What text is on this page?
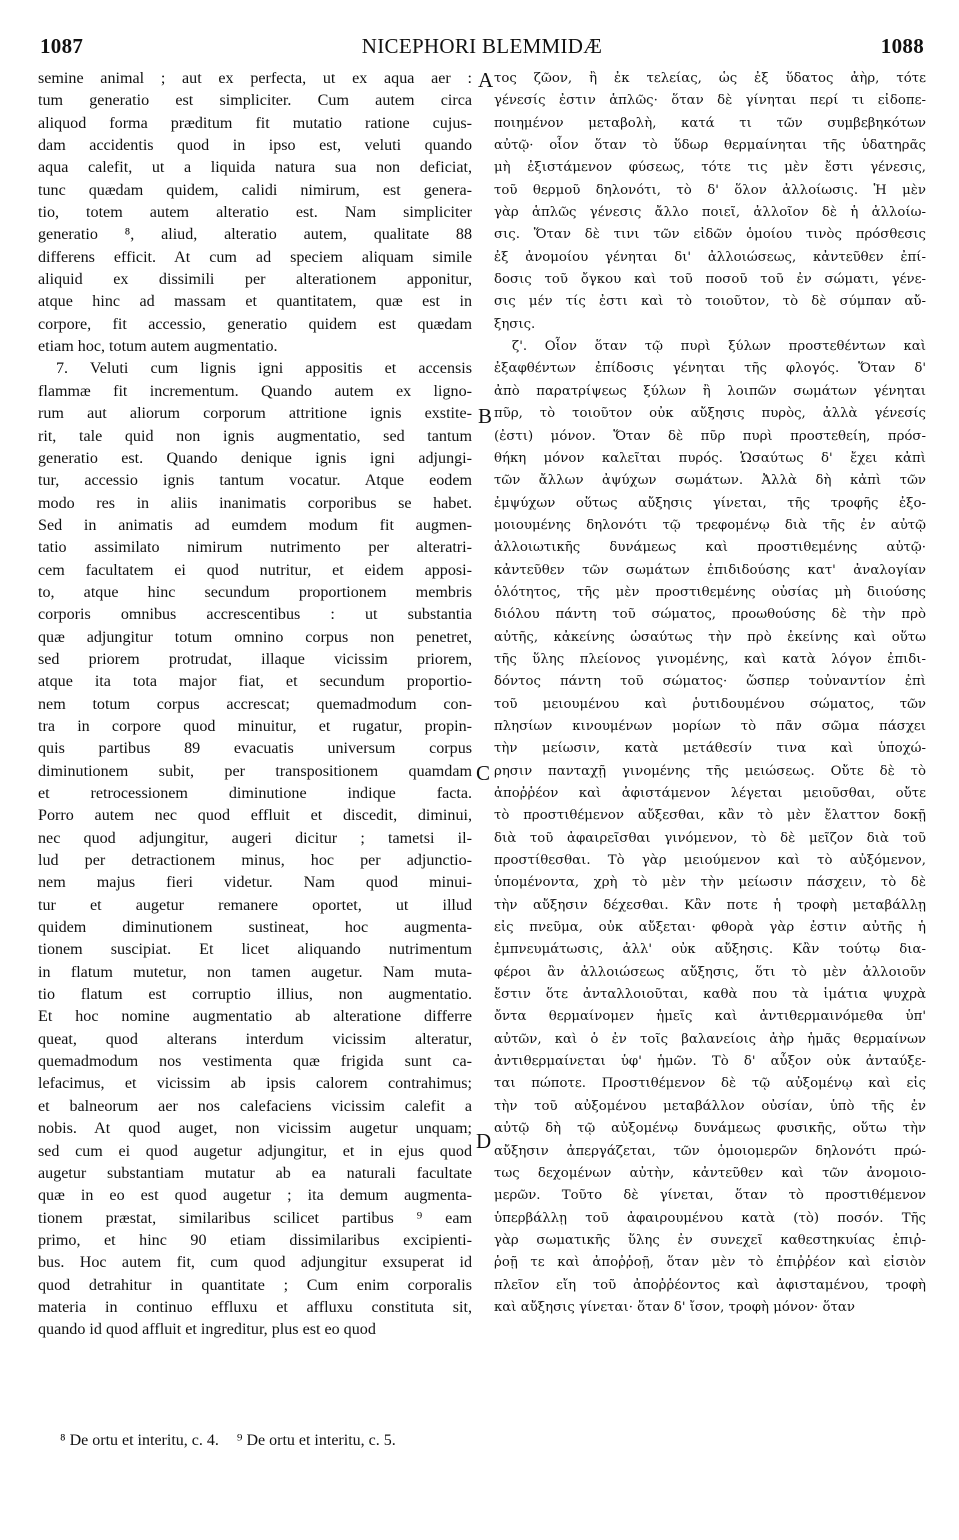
1087	NICEPHORI BLEMMIDÆ	1088

semine animal ; aut ex perfecta, ut ex aqua aer :
tum generatio est simpliciter. Cum autem circa
aliquod forma præditum fit mutatio ratione cujus-
dam accidentis quod in ipso est, veluti quando
aqua calefit, ut a liquida natura sua non deficiat,
tunc quædam quidem, calidi nimirum, est genera-
tio, totem autem alteratio est. Nam simpliciter
generatio ⁸, aliud, alteratio autem, qualitate 88
differens efficit. At cum ad speciem aliquam simile
aliquid ex dissimili per alterationem apponitur,
atque hinc ad massam et quantitatem, quæ est in
corpore, fit accessio, generatio quidem est quædam
etiam hoc, totum autem augmentatio.

7. Veluti cum lignis igni appositis et accensis
flammæ fit incrementum. Quando autem ex ligno-
rum aut aliorum corporum attritione ignis exstite-
rit, tale quid non ignis augmentatio, sed tantum
generatio est. Quando denique ignis igni adjungi-
tur, accessio ignis tantum vocatur. Atque eodem
modo res in aliis inanimatis corporibus se habet.
Sed in animatis ad eumdem modum fit augmen-
tatio assimilato nimirum nutrimento per alteratri-
cem facultatem ei quod nutritur, et eidem apposi-
to, atque hinc secundum proportionem membris
corporis omnibus accrescentibus : ut substantia
quæ adjungitur totum omnino corpus non penetret,
sed priorem protrudat, illaque vicissim priorem,
atque ita tota major fiat, et secundum proportio-
nem totum corpus accrescat; quemadmodum con-
tra in corpore quod minuitur, et rugatur, propin-
quis partibus 89 evacuatis universum corpus
diminutionem subit, per transpositionem quamdam
et retrocessionem diminutione indique facta.
Porro autem nec quod effluit et discedit, diminui,
nec quod adjungitur, augeri dicitur ; tametsi il-
lud per detractionem minus, hoc per adjunctio-
nem majus fieri videtur. Nam quod minui-
tur et augetur remanere oportet, ut illud
quidem diminutionem sustineat, hoc augmenta-
tionem suscipiat. Et licet aliquando nutrimentum
in flatum mutetur, non tamen augetur. Nam muta-
tio flatum est corruptio illius, non augmentatio.
Et hoc nomine augmentatio ab alteratione differre
queat, quod alterans interdum vicissim alteratur,
quemadmodum nos vestimenta quæ frigida sunt ca-
lefacimus, et vicissim ab ipsis calorem contrahimus;
et balneorum aer nos calefaciens vicissim calefit a
nobis. At quod auget, non vicissim augetur unquam;
sed cum ei quod augetur adjungitur, et in ejus quod
augetur substantiam mutatur ab ea naturali facultate
quæ in eo est quod augetur ; ita demum augmenta-
tionem præstat, similaribus scilicet partibus ⁹ eam
primo, et hinc 90 etiam dissimilaribus excipienti-
bus. Hoc autem fit, cum quod adjungitur exsuperat id
quod detrahitur in quantitate ; Cum enim corporalis
materia in continuo effluxu et affluxu constituta sit,
quando id quod affluit et ingreditur, plus est eo quod

τος ζῶον, ἢ ἐκ τελείας, ὡς ἐξ ὕδατος ἀὴρ, τότε
γένεσίς ἐστιν ἁπλῶς· ὅταν δὲ γίνηται περί τι εἰδοπε-
ποιημένον μεταβολὴ, κατά τι τῶν συμβεβηκότων
αὐτῷ· οἷον ὅταν τὸ ὕδωρ θερμαίνηται τῆς ὑδατηρᾶς
μὴ ἐξιστάμενον φύσεως, τότε τις μὲν ἔστι γένεσις,
τοῦ θερμοῦ δηλονότι, τὸ δ' ὅλον ἀλλοίωσις. Ἡ μὲν
γὰρ ἁπλῶς γένεσις ἄλλο ποιεῖ, ἀλλοῖον δὲ ἡ ἀλλοίω-
σις. Ὅταν δὲ τινι τῶν εἰδῶν ὁμοίου τινὸς πρόσθεσις
ἐξ ἀνομοίου γένηται δι' ἀλλοιώσεως, κἀντεῦθεν ἐπί-
δοσις τοῦ ὄγκου καὶ τοῦ ποσοῦ τοῦ ἐν σώματι, γένε-
σις μέν τίς ἐστι καὶ τὸ τοιοῦτον, τὸ δὲ σύμπαν αὔ-
ξησις.

ζ'. Οἷον ὅταν τῷ πυρὶ ξύλων προστεθέντων καὶ
ἐξαφθέντων ἐπίδοσις γένηται τῆς φλογός. Ὅταν δ'
ἀπὸ παρατρίψεως ξύλων ἢ λοιπῶν σωμάτων γένηται
πῦρ, τὸ τοιοῦτον οὐκ αὔξησις πυρὸς, ἀλλὰ γένεσίς
(ἐστι) μόνον. Ὅταν δὲ πῦρ πυρὶ προστεθείη, πρόσ-
θήκη μόνον καλεῖται πυρός. Ὡσαύτως δ' ἔχει κἀπὶ
τῶν ἄλλων ἀψύχων σωμάτων. Ἀλλὰ δὴ κἀπὶ τῶν
ἐμψύχων οὕτως αὔξησις γίνεται, τῆς τροφῆς ἐξο-
μοιουμένης δηλονότι τῷ τρεφομένῳ διὰ τῆς ἐν αὐτῷ
ἀλλοιωτικῆς δυνάμεως καὶ προστιθεμένης αὐτῷ·
κἀντεῦθεν τῶν σωμάτων ἐπιδιδούσης κατ' ἀναλογίαν
ὁλότητος, τῆς μὲν προστιθεμένης οὐσίας μὴ διιούσης
διόλου πάντη τοῦ σώματος, προωθούσης δὲ τὴν πρὸ
αὐτῆς, κἀκείνης ὡσαύτως τὴν πρὸ ἐκείνης καὶ οὕτω
τῆς ὕλης πλείονος γινομένης, καὶ κατὰ λόγον ἐπιδι-
δόντος πάντη τοῦ σώματος· ὥσπερ τοὐναντίον ἐπὶ
τοῦ μειουμένου καὶ ῥυτιδουμένου σώματος, τῶν
πλησίων κινουμένων μορίων τὸ πᾶν σῶμα πάσχει
τὴν μείωσιν, κατὰ μετάθεσίν τινα καὶ ὑποχώ-
ρησιν πανταχῇ γινομένης τῆς μειώσεως. Οὔτε δὲ τὸ
ἀποῤῥέον καὶ ἀφιστάμενον λέγεται μειοῦσθαι, οὔτε
τὸ προστιθέμενον αὔξεσθαι, κἂν τὸ μὲν ἔλαττον δοκῇ
διὰ τοῦ ἀφαιρεῖσθαι γινόμενον, τὸ δὲ μεῖζον διὰ τοῦ
προστίθεσθαι. Τὸ γὰρ μειούμενον καὶ τὸ αὐξόμενον,
ὑπομένοντα, χρὴ τὸ μὲν τὴν μείωσιν πάσχειν, τὸ δὲ
τὴν αὔξησιν δέχεσθαι. Κἂν ποτε ἡ τροφὴ μεταβάλλῃ
εἰς πνεῦμα, οὐκ αὔξεται· φθορὰ γὰρ ἐστιν αὐτῆς ἡ
ἐμπνευμάτωσις, ἀλλ' οὐκ αὔξησις. Κἂν τούτῳ δια-
φέροι ἂν ἀλλοιώσεως αὔξησις, ὅτι τὸ μὲν ἀλλοιοῦν
ἔστιν ὅτε ἀνταλλοιοῦται, καθὰ που τὰ ἱμάτια ψυχρὰ
ὄντα θερμαίνομεν ἡμεῖς καὶ ἀντιθερμαινόμεθα ὑπ'
αὐτῶν, καὶ ὁ ἐν τοῖς βαλανείοις ἀὴρ ἡμᾶς θερμαίνων
ἀντιθερμαίνεται ὑφ' ἡμῶν. Τὸ δ' αὖξον οὐκ ἀνταύξε-
ται πώποτε. Προστιθέμενον δὲ τῷ αὐξομένῳ καὶ εἰς
τὴν τοῦ αὐξομένου μεταβάλλον οὐσίαν, ὑπὸ τῆς ἐν
αὐτῷ δὴ τῷ αὐξομένῳ δυνάμεως φυσικῆς, οὕτω τὴν
αὔξησιν ἀπεργάζεται, τῶν ὁμοιομερῶν δηλονότι πρώ-
τως δεχομένων αὐτὴν, κἀντεῦθεν καὶ τῶν ἀνομοιο-
μερῶν. Τοῦτο δὲ γίνεται, ὅταν τὸ προστιθέμενον
ὑπερβάλλῃ τοῦ ἀφαιρουμένου κατὰ (τὸ) ποσόν. Τῆς
γὰρ σωματικῆς ὕλης ἐν συνεχεῖ καθεστηκυίας ἐπιῤ-
ῥοῇ τε καὶ ἀποῤῥοῇ, ὅταν μὲν τὸ ἐπιῤῥέον καὶ εἰσιὸν
πλεῖον εἴη τοῦ ἀποῤῥέοντος καὶ ἀφισταμένου, τροφὴ
καὶ αὔξησις γίνεται· ὅταν δ' ἴσον, τροφὴ μόνον· ὅταν

A
B
C
D
⁸ De ortu et interitu, c. 4. ⁹ De ortu et interitu, c. 5.
